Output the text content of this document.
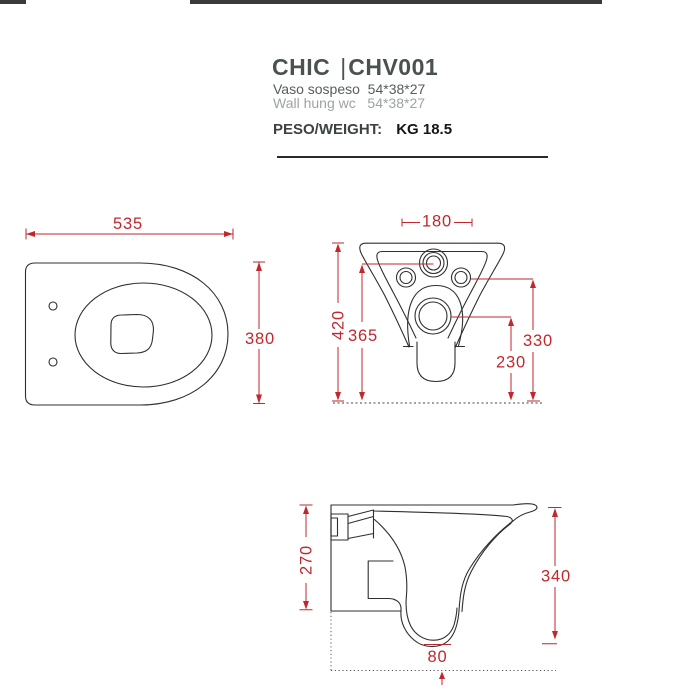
CHIC |CHV001
Vaso sospeso  54*38*27
Wall hung wc   54*38*27
PESO/WEIGHT: KG 18.5
535
380
180
420 365	330
230
270
340
80
